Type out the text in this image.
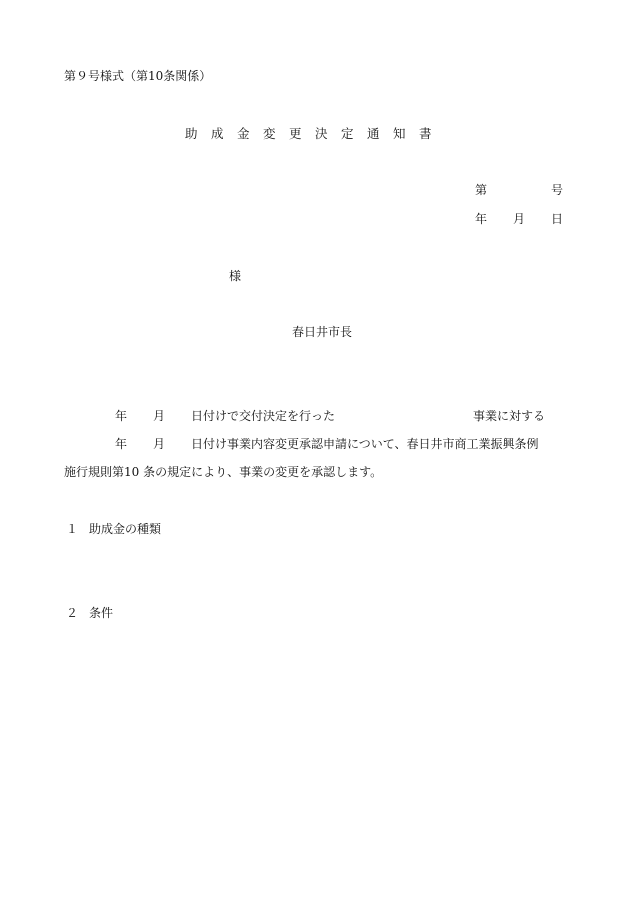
第９号様式（第10条関係）
助成金変更決定通知書
第	号
年 月 日
様
春日井市長
年 月 日付けで交付決定を行った	事業に対する
年 月 日付け事業内容変更承認申請について、春日井市商工業振興条例
施行規則第10 条の規定により、事業の変更を承認します。
１ 助成金の種類
２ 条件
